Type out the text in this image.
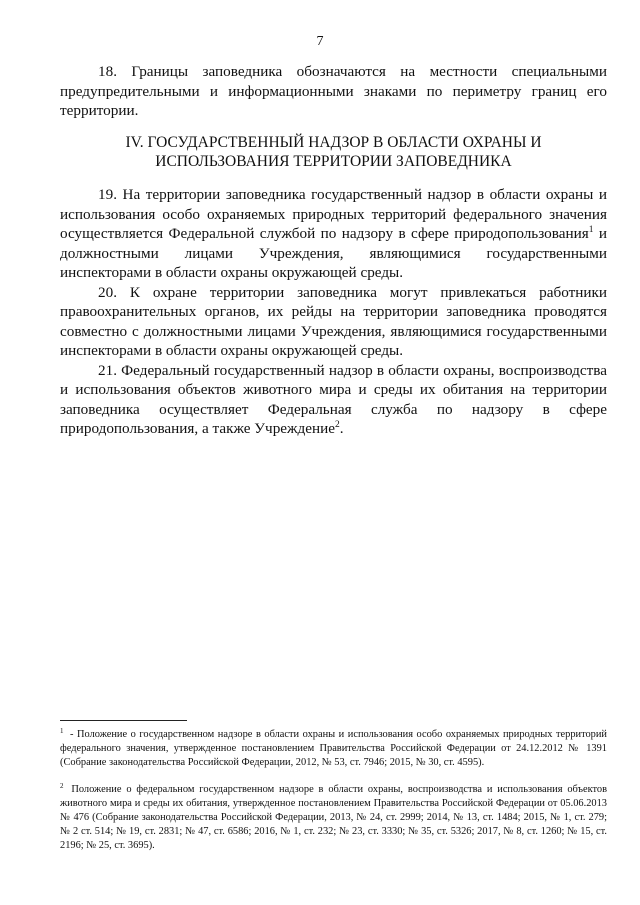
7

18. Границы заповедника обозначаются на местности специальными предупредительными и информационными знаками по периметру границ его территории.

IV. ГОСУДАРСТВЕННЫЙ НАДЗОР В ОБЛАСТИ ОХРАНЫ И
ИСПОЛЬЗОВАНИЯ ТЕРРИТОРИИ ЗАПОВЕДНИКА

19. На территории заповедника государственный надзор в области охраны и использования особо охраняемых природных территорий федерального значения осуществляется Федеральной службой по надзору в сфере природопользования$^1$ и должностными лицами Учреждения, являющимися государственными инспекторами в области охраны окружающей среды.

20. К охране территории заповедника могут привлекаться работники правоохранительных органов, их рейды на территории заповедника проводятся совместно с должностными лицами Учреждения, являющимися государственными инспекторами в области охраны окружающей среды.

21. Федеральный государственный надзор в области охраны, воспроизводства и использования объектов животного мира и среды их обитания на территории заповедника осуществляет Федеральная служба по надзору в сфере природопользования, а также Учреждение$^2$.

$^1$ - Положение о государственном надзоре в области охраны и использования особо охраняемых природных территорий федерального значения, утвержденное постановлением Правительства Российской Федерации от 24.12.2012 № 1391 (Собрание законодательства Российской Федерации, 2012, № 53, ст. 7946; 2015, № 30, ст. 4595).

$^2$ Положение о федеральном государственном надзоре в области охраны, воспроизводства и использования объектов животного мира и среды их обитания, утвержденное постановлением Правительства Российской Федерации от 05.06.2013 № 476 (Собрание законодательства Российской Федерации, 2013, № 24, ст. 2999; 2014, № 13, ст. 1484; 2015, № 1, ст. 279; № 2 ст. 514; № 19, ст. 2831; № 47, ст. 6586; 2016, № 1, ст. 232; № 23, ст. 3330; № 35, ст. 5326; 2017, № 8, ст. 1260; № 15, ст. 2196; № 25, ст. 3695).
